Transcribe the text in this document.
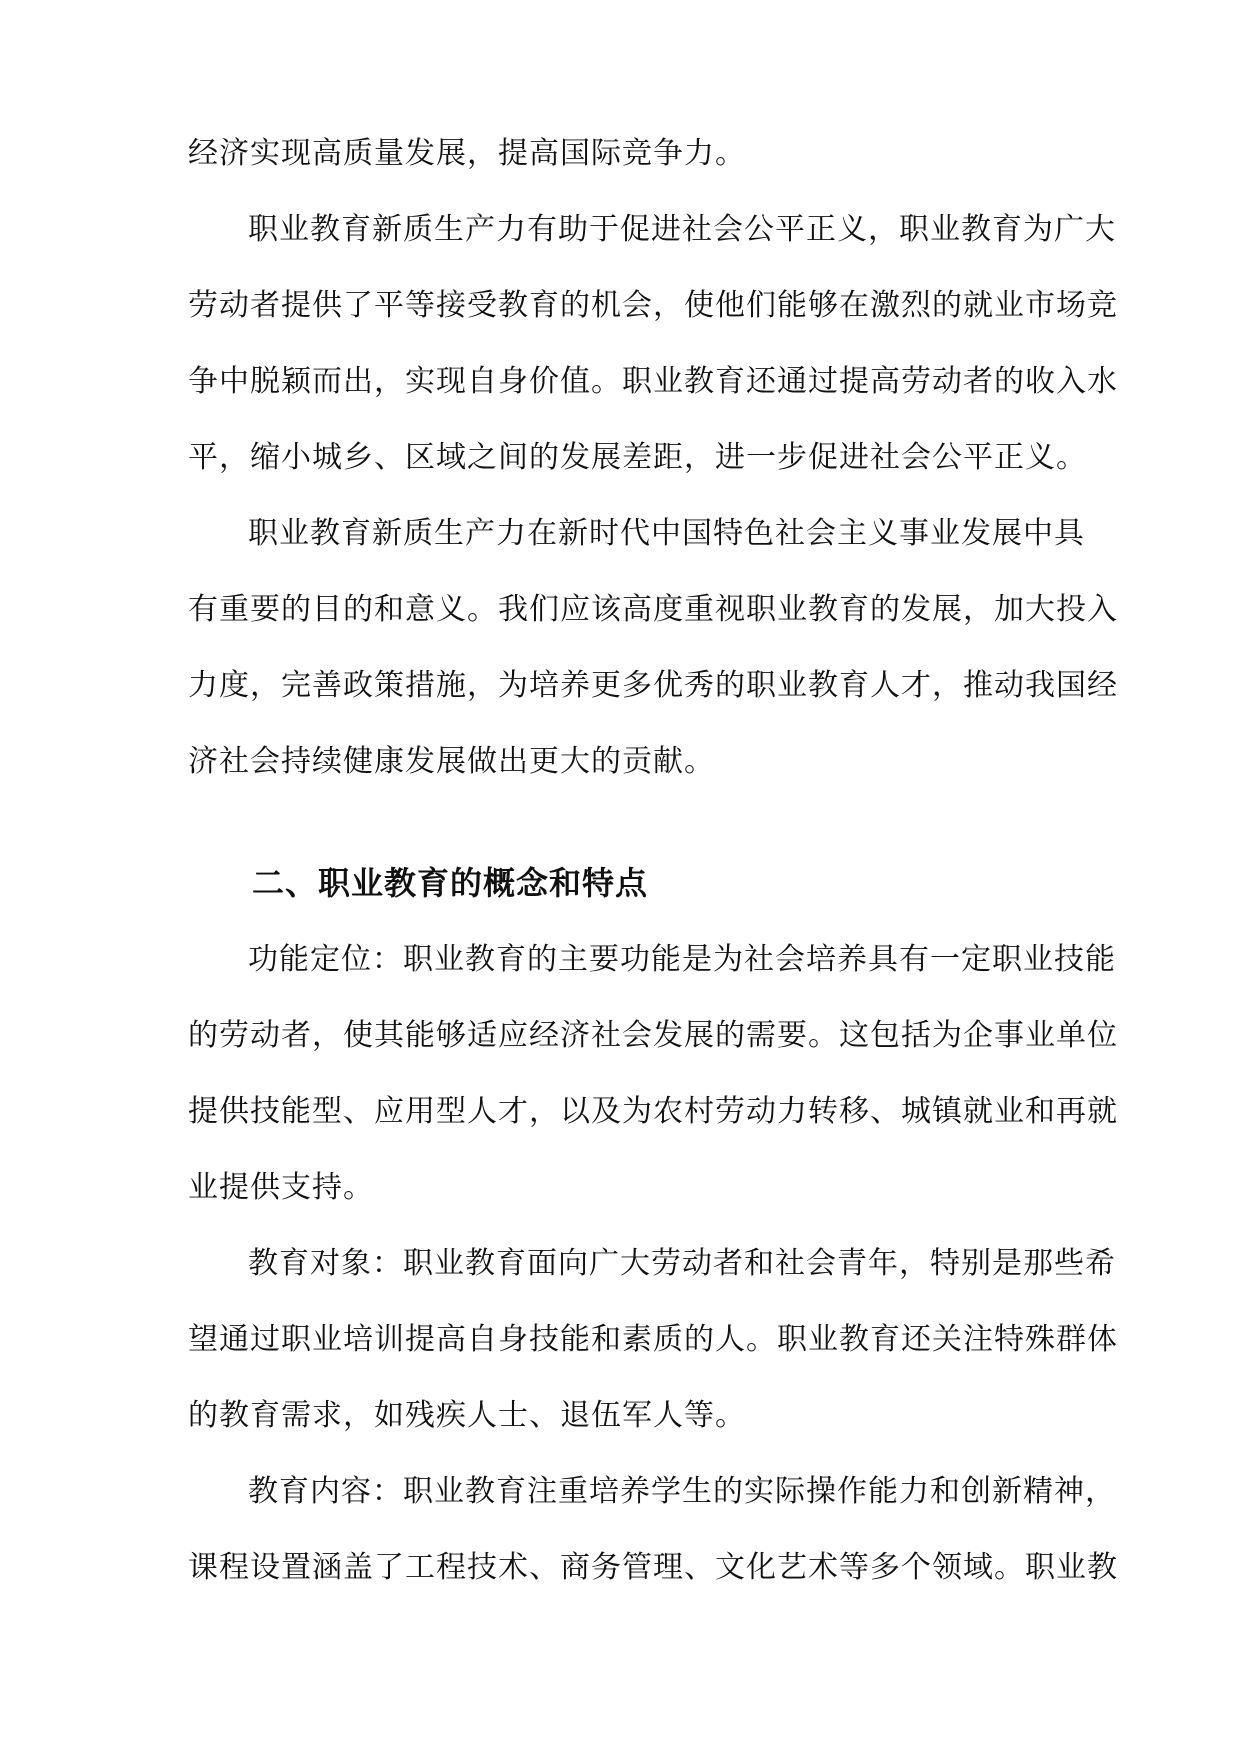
经济实现高质量发展，提高国际竞争力。
职业教育新质生产力有助于促进社会公平正义，职业教育为广大
劳动者提供了平等接受教育的机会，使他们能够在激烈的就业市场竞
争中脱颖而出，实现自身价值。职业教育还通过提高劳动者的收入水
平，缩小城乡、区域之间的发展差距，进一步促进社会公平正义。
职业教育新质生产力在新时代中国特色社会主义事业发展中具
有重要的目的和意义。我们应该高度重视职业教育的发展，加大投入
力度，完善政策措施，为培养更多优秀的职业教育人才，推动我国经
济社会持续健康发展做出更大的贡献。
二、职业教育的概念和特点
功能定位：职业教育的主要功能是为社会培养具有一定职业技能
的劳动者，使其能够适应经济社会发展的需要。这包括为企事业单位
提供技能型、应用型人才，以及为农村劳动力转移、城镇就业和再就
业提供支持。
教育对象：职业教育面向广大劳动者和社会青年，特别是那些希
望通过职业培训提高自身技能和素质的人。职业教育还关注特殊群体
的教育需求，如残疾人士、退伍军人等。
教育内容：职业教育注重培养学生的实际操作能力和创新精神，
课程设置涵盖了工程技术、商务管理、文化艺术等多个领域。职业教
